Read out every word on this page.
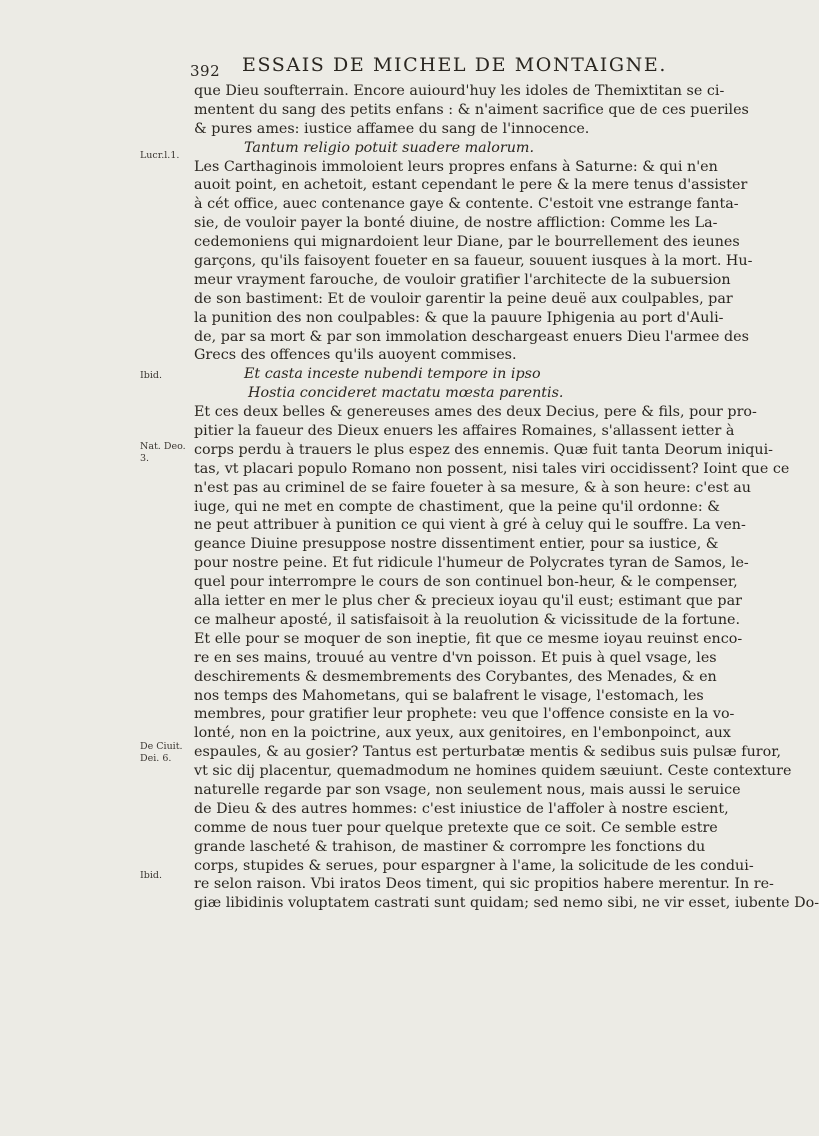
392 ESSAIS DE MICHEL DE MONTAIGNE.
Lucr.l.1.
Ibid.
Nat. Deo.
3.
De Ciuit.
Dei. 6.
Ibid.
que Dieu soufterrain. Encore auiourd'huy les idoles de Themixtitan se ci-
mentent du sang des petits enfans : & n'aiment sacrifice que de ces pueriles
& pures ames: iustice affamee du sang de l'innocence.
Tantum religio potuit suadere malorum.
Les Carthaginois immoloient leurs propres enfans à Saturne: & qui n'en
auoit point, en achetoit, estant cependant le pere & la mere tenus d'assister
à cét office, auec contenance gaye & contente. C'estoit vne estrange fanta-
sie, de vouloir payer la bonté diuine, de nostre affliction: Comme les La-
cedemoniens qui mignardoient leur Diane, par le bourrellement des ieunes
garçons, qu'ils faisoyent foueter en sa faueur, souuent iusques à la mort. Hu-
meur vrayment farouche, de vouloir gratifier l'architecte de la subuersion
de son bastiment: Et de vouloir garentir la peine deuë aux coulpables, par
la punition des non coulpables: & que la pauure Iphigenia au port d'Auli-
de, par sa mort & par son immolation deschargeast enuers Dieu l'armee des
Grecs des offences qu'ils auoyent commises.
Et casta inceste nubendi tempore in ipso
Hostia concideret mactatu mœsta parentis.
Et ces deux belles & genereuses ames des deux Decius, pere & fils, pour pro-
pitier la faueur des Dieux enuers les affaires Romaines, s'allassent ietter à
corps perdu à trauers le plus espez des ennemis. Quæ fuit tanta Deorum iniqui-
tas, vt placari populo Romano non possent, nisi tales viri occidissent? Ioint que ce
n'est pas au criminel de se faire foueter à sa mesure, & à son heure: c'est au
iuge, qui ne met en compte de chastiment, que la peine qu'il ordonne: &
ne peut attribuer à punition ce qui vient à gré à celuy qui le souffre. La ven-
geance Diuine presuppose nostre dissentiment entier, pour sa iustice, &
pour nostre peine. Et fut ridicule l'humeur de Polycrates tyran de Samos, le-
quel pour interrompre le cours de son continuel bon-heur, & le compenser,
alla ietter en mer le plus cher & precieux ioyau qu'il eust; estimant que par
ce malheur aposté, il satisfaisoit à la reuolution & vicissitude de la fortune.
Et elle pour se moquer de son ineptie, fit que ce mesme ioyau reuinst enco-
re en ses mains, trouué au ventre d'vn poisson. Et puis à quel vsage, les
deschirements & desmembrements des Corybantes, des Menades, & en
nos temps des Mahometans, qui se balafrent le visage, l'estomach, les
membres, pour gratifier leur prophete: veu que l'offence consiste en la vo-
lonté, non en la poictrine, aux yeux, aux genitoires, en l'embonpoinct, aux
espaules, & au gosier? Tantus est perturbatæ mentis & sedibus suis pulsæ furor,
vt sic dij placentur, quemadmodum ne homines quidem sæuiunt. Ceste contexture
naturelle regarde par son vsage, non seulement nous, mais aussi le seruice
de Dieu & des autres hommes: c'est iniustice de l'affoler à nostre escient,
comme de nous tuer pour quelque pretexte que ce soit. Ce semble estre
grande lascheté & trahison, de mastiner & corrompre les fonctions du
corps, stupides & serues, pour espargner à l'ame, la solicitude de les condui-
re selon raison. Vbi iratos Deos timent, qui sic propitios habere merentur. In re-
giæ libidinis voluptatem castrati sunt quidam; sed nemo sibi, ne vir esset, iubente Do-
